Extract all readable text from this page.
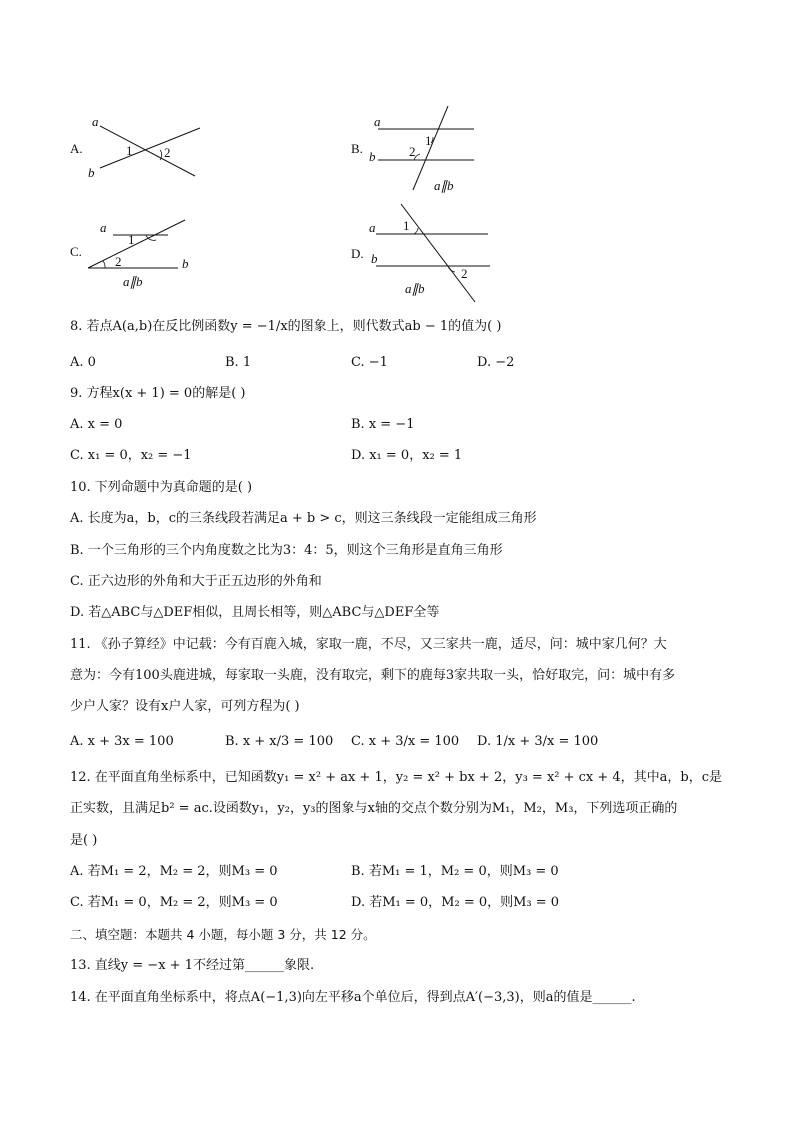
A.
a
b
1 2	B.
a
b
1
2
a∥b
C.
a
b
1
2
a∥b
D.
a
b
1
2
a∥b
8. 若点A(a,b)在反比例函数y = −1/x的图象上，则代数式ab − 1的值为( )
A. 0	B. 1	C. −1	D. −2
9. 方程x(x + 1) = 0的解是( )
A. x = 0	B. x = −1
C. x₁ = 0，x₂ = −1	D. x₁ = 0，x₂ = 1
10. 下列命题中为真命题的是( )
A. 长度为a，b，c的三条线段若满足a + b > c，则这三条线段一定能组成三角形
B. 一个三角形的三个内角度数之比为3：4：5，则这个三角形是直角三角形
C. 正六边形的外角和大于正五边形的外角和
D. 若△ABC与△DEF相似，且周长相等，则△ABC与△DEF全等
11. 《孙子算经》中记载：今有百鹿入城，家取一鹿，不尽，又三家共一鹿，适尽，问：城中家几何？大
意为：今有100头鹿进城，每家取一头鹿，没有取完，剩下的鹿每3家共取一头，恰好取完，问：城中有多
少户人家？设有x户人家，可列方程为( )
A. x + 3x = 100	B. x + x/3 = 100 C. x + 3/x = 100 D. 1/x + 3/x = 100
12. 在平面直角坐标系中，已知函数y₁ = x² + ax + 1，y₂ = x² + bx + 2，y₃ = x² + cx + 4，其中a，b，c是
正实数，且满足b² = ac.设函数y₁，y₂，y₃的图象与x轴的交点个数分别为M₁，M₂，M₃，下列选项正确的
是( )
A. 若M₁ = 2，M₂ = 2，则M₃ = 0	B. 若M₁ = 1，M₂ = 0，则M₃ = 0
C. 若M₁ = 0，M₂ = 2，则M₃ = 0	D. 若M₁ = 0，M₂ = 0，则M₃ = 0
二、填空题：本题共 4 小题，每小题 3 分，共 12 分。
13. 直线y = −x + 1不经过第______象限.
14. 在平面直角坐标系中，将点A(−1,3)向左平移a个单位后，得到点A′(−3,3)，则a的值是______.
